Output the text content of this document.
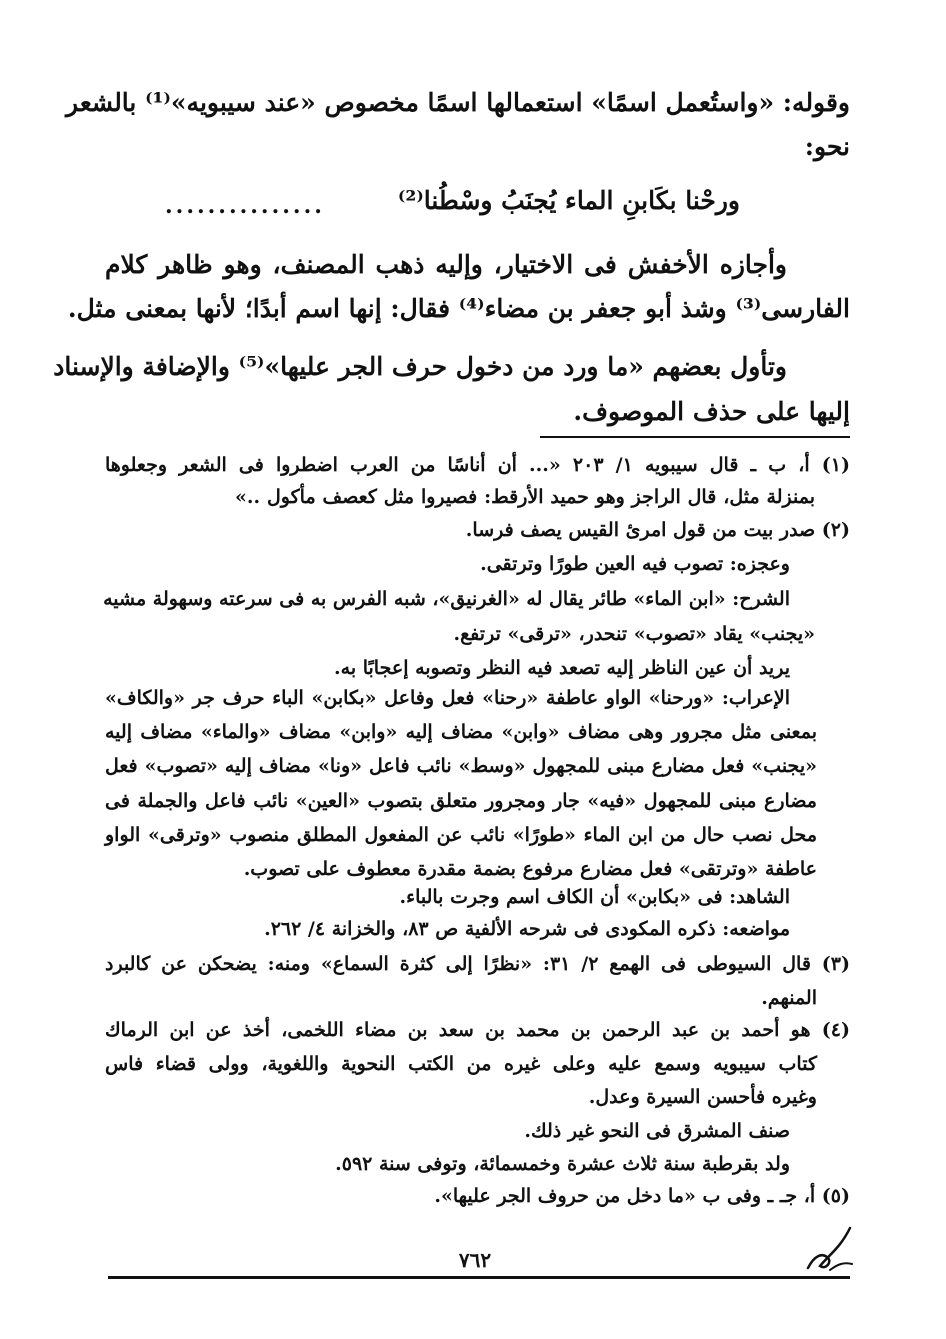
وقوله: «واستُعمل اسمًا» استعمالها اسمًا مخصوص «عند سيبويه»⁽¹⁾ بالشعر
نحو:
ورحْنا بكَابنِ الماء يُجنَبُ وسْطُنا⁽²⁾
...............
وأجازه الأخفش فى الاختيار، وإليه ذهب المصنف، وهو ظاهر كلام
الفارسى⁽³⁾ وشذ أبو جعفر بن مضاء⁽⁴⁾ فقال: إنها اسم أبدًا؛ لأنها بمعنى مثل.
وتأول بعضهم «ما ورد من دخول حرف الجر عليها»⁽⁵⁾ والإضافة والإسناد
إليها على حذف الموصوف.
(١) أ، ب ـ قال سيبويه ١/ ٢٠٣ «... أن أناسًا من العرب اضطروا فى الشعر وجعلوها
بمنزلة مثل، قال الراجز وهو حميد الأرقط: فصيروا مثل كعصف مأكول ..»
(٢) صدر بيت من قول امرئ القيس يصف فرسا.
وعجزه: تصوب فيه العين طورًا وترتقى.
الشرح: «ابن الماء» طائر يقال له «الغرنيق»، شبه الفرس به فى سرعته وسهولة مشيه
«يجنب» يقاد «تصوب» تنحدر، «ترقى» ترتفع.
يريد أن عين الناظر إليه تصعد فيه النظر وتصوبه إعجابًا به.
الإعراب: «ورحنا» الواو عاطفة «رحنا» فعل وفاعل «بكابن» الباء حرف جر «والكاف»
بمعنى مثل مجرور وهى مضاف «وابن» مضاف إليه «وابن» مضاف «والماء» مضاف إليه
«يجنب» فعل مضارع مبنى للمجهول «وسط» نائب فاعل «ونا» مضاف إليه «تصوب» فعل
مضارع مبنى للمجهول «فيه» جار ومجرور متعلق بتصوب «العين» نائب فاعل والجملة فى
محل نصب حال من ابن الماء «طورًا» نائب عن المفعول المطلق منصوب «وترقى» الواو
عاطفة «وترتقى» فعل مضارع مرفوع بضمة مقدرة معطوف على تصوب.
الشاهد: فى «بكابن» أن الكاف اسم وجرت بالباء.
مواضعه: ذكره المكودى فى شرحه الألفية ص ٨٣، والخزانة ٤/ ٢٦٢.
(٣) قال السيوطى فى الهمع ٢/ ٣١: «نظرًا إلى كثرة السماع» ومنه: يضحكن عن كالبرد
المنهم.
(٤) هو أحمد بن عبد الرحمن بن محمد بن سعد بن مضاء اللخمى، أخذ عن ابن الرماك
كتاب سيبويه وسمع عليه وعلى غيره من الكتب النحوية واللغوية، وولى قضاء فاس
وغيره فأحسن السيرة وعدل.
صنف المشرق فى النحو غير ذلك.
ولد بقرطبة سنة ثلاث عشرة وخمسمائة، وتوفى سنة ٥٩٢.
(٥) أ، جـ ـ وفى ب «ما دخل من حروف الجر عليها».
٧٦٢
